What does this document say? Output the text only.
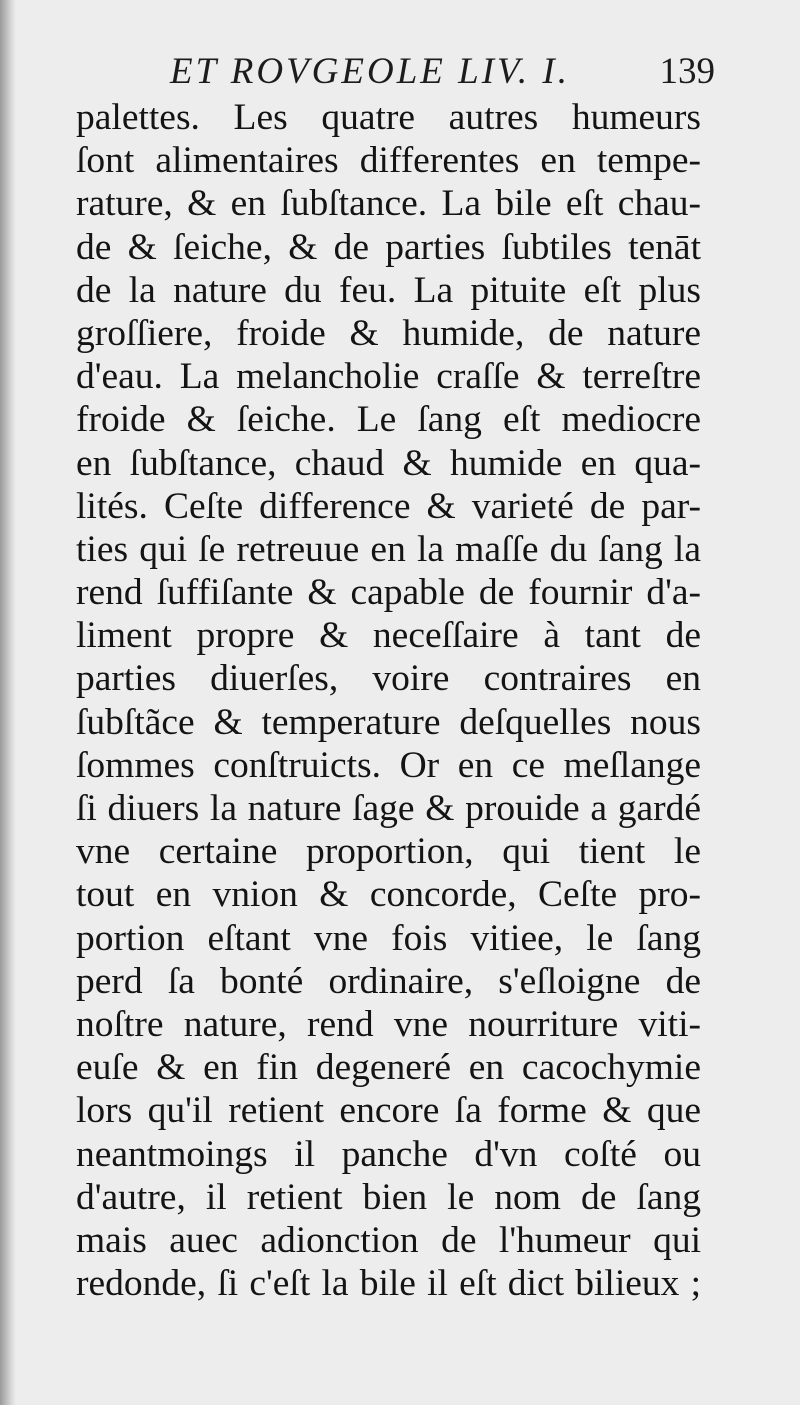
ET ROVGEOLE LIV. I. 139
palettes. Les quatre autres humeurs
ſont alimentaires differentes en tempe-
rature, & en ſubſtance. La bile eſt chau-
de & ſeiche, & de parties ſubtiles tenāt
de la nature du feu. La pituite eſt plus
groſſiere, froide & humide, de nature
d'eau. La melancholie craſſe & terreſtre
froide & ſeiche. Le ſang eſt mediocre
en ſubſtance, chaud & humide en qua-
lités. Ceſte difference & varieté de par-
ties qui ſe retreuue en la maſſe du ſang la
rend ſuffiſante & capable de fournir d'a-
liment propre & neceſſaire à tant de
parties diuerſes, voire contraires en
ſubſtãce & temperature deſquelles nous
ſommes conſtruicts. Or en ce meſlange
ſi diuers la nature ſage & prouide a gardé
vne certaine proportion, qui tient le
tout en vnion & concorde, Ceſte pro-
portion eſtant vne fois vitiee, le ſang
perd ſa bonté ordinaire, s'eſloigne de
noſtre nature, rend vne nourriture viti-
euſe & en fin degeneré en cacochymie
lors qu'il retient encore ſa forme & que
neantmoings il panche d'vn coſté ou
d'autre, il retient bien le nom de ſang
mais auec adionction de l'humeur qui
redonde, ſi c'eſt la bile il eſt dict bilieux ;
